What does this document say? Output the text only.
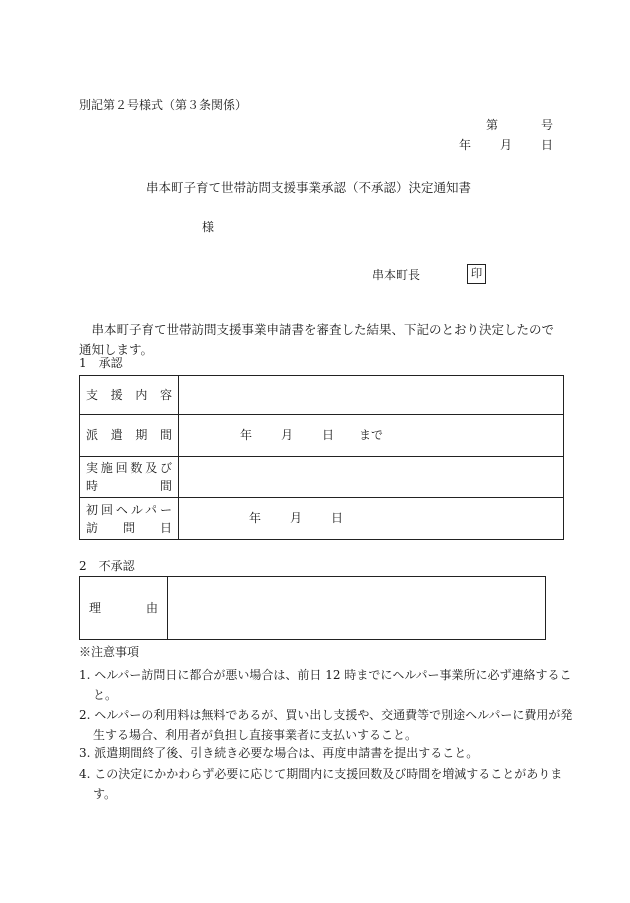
別記第２号様式（第３条関係）
第	号
年 月 日
串本町子育て世帯訪問支援事業承認（不承認）決定通知書
様
串本町長	印
串本町子育て世帯訪問支援事業申請書を審査した結果、下記のとおり決定したので通知します。
1　承認
支援内容	
派遣期間	年 月 日 まで

実施回数及び
時間	

初回ヘルパー
訪問日	年 月 日
2　不承認
理由	
※注意事項
1. ヘルパー訪問日に都合が悪い場合は、前日 12 時までにヘルパー事業所に必ず連絡すること。
2. ヘルパーの利用料は無料であるが、買い出し支援や、交通費等で別途ヘルパーに費用が発生する場合、利用者が負担し直接事業者に支払いすること。
3. 派遣期間終了後、引き続き必要な場合は、再度申請書を提出すること。
4. この決定にかかわらず必要に応じて期間内に支援回数及び時間を増減することがあります。
